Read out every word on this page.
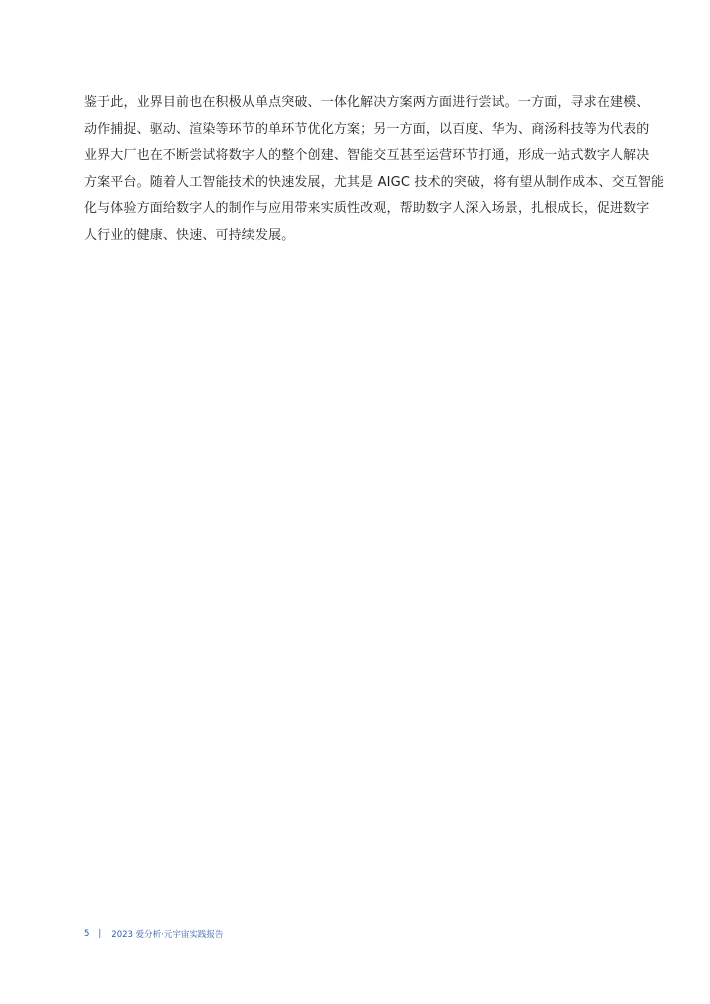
鉴于此，业界目前也在积极从单点突破、一体化解决方案两方面进行尝试。一方面，寻求在建模、
动作捕捉、驱动、渲染等环节的单环节优化方案；另一方面，以百度、华为、商汤科技等为代表的
业界大厂也在不断尝试将数字人的整个创建、智能交互甚至运营环节打通，形成一站式数字人解决
方案平台。随着人工智能技术的快速发展，尤其是 AIGC 技术的突破，将有望从制作成本、交互智能
化与体验方面给数字人的制作与应用带来实质性改观，帮助数字人深入场景，扎根成长，促进数字
人行业的健康、快速、可持续发展。

5 | 2023 爱分析·元宇宙实践报告
